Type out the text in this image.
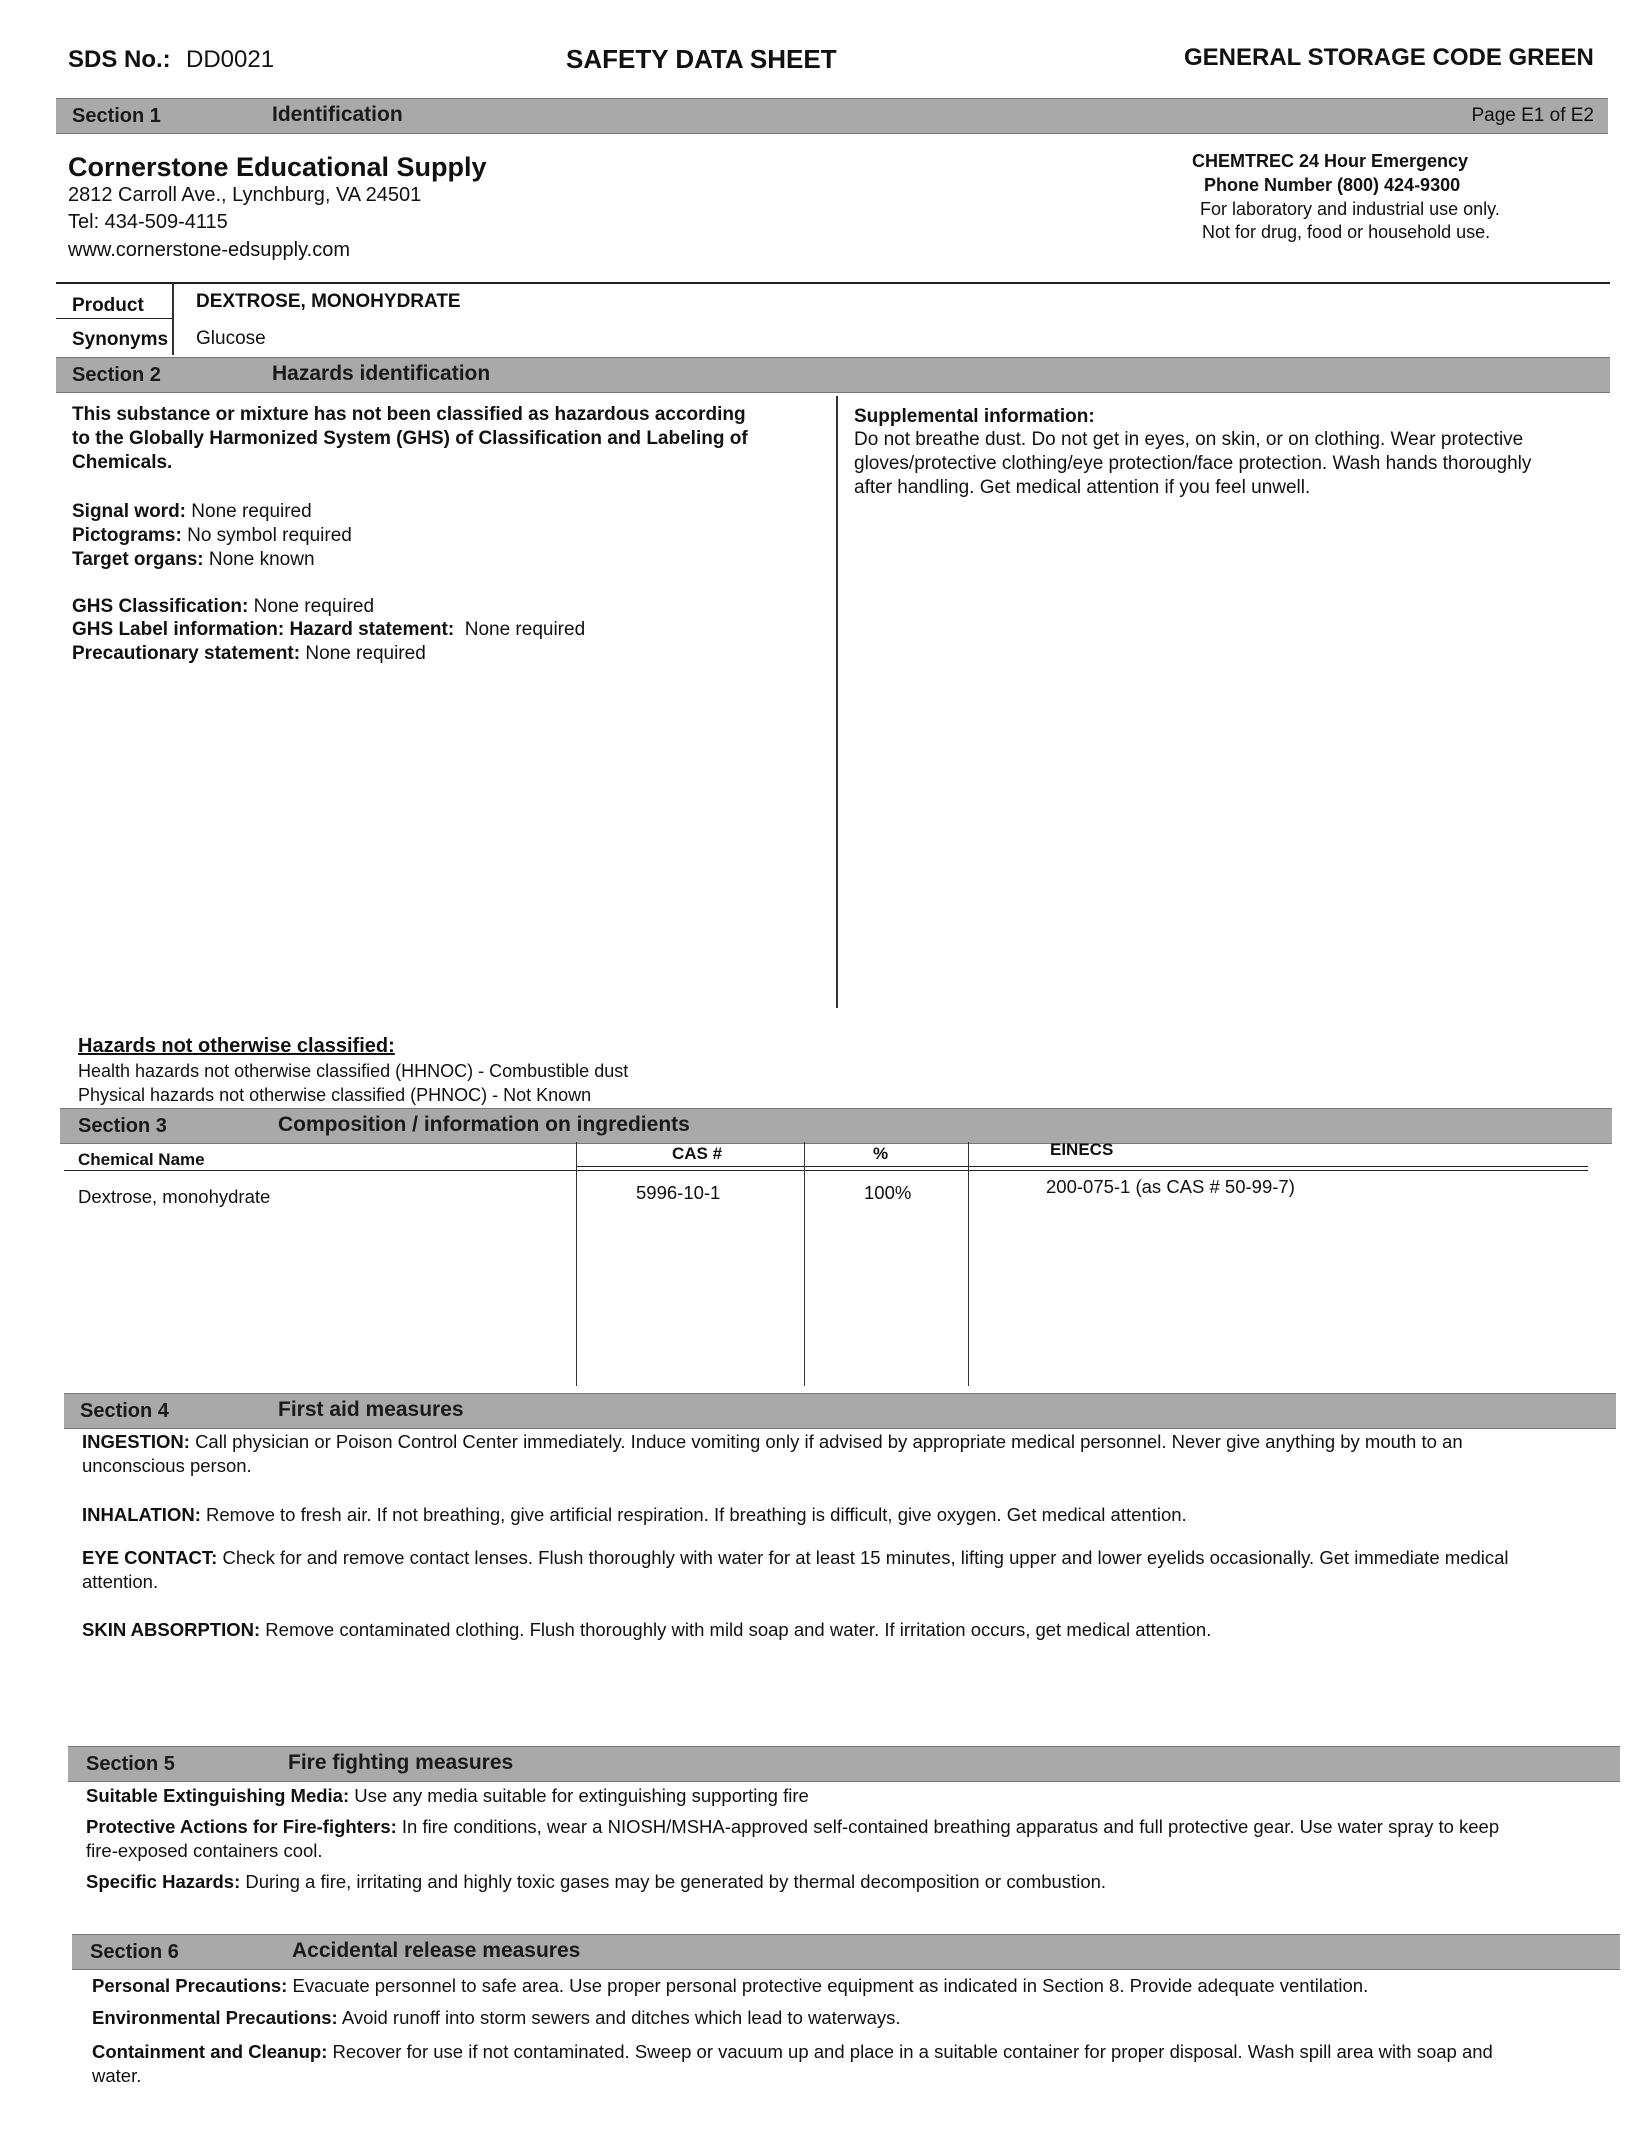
SDS No.: DD0021	SAFETY DATA SHEET	GENERAL STORAGE CODE GREEN
Section 1	Identification	Page E1 of E2
Cornerstone Educational Supply
2812 Carroll Ave., Lynchburg, VA 24501
Tel: 434-509-4115
www.cornerstone-edsupply.com
CHEMTREC 24 Hour Emergency
Phone Number (800) 424-9300
For laboratory and industrial use only.
Not for drug, food or household use.
Product	DEXTROSE, MONOHYDRATE
Synonyms Glucose
Section 2	Hazards identification
This substance or mixture has not been classified as hazardous according
to the Globally Harmonized System (GHS) of Classification and Labeling of
Chemicals.
Signal word: None required
Pictograms: No symbol required
Target organs: None known
GHS Classification: None required
GHS Label information: Hazard statement: None required
Precautionary statement: None required
Supplemental information:
Do not breathe dust. Do not get in eyes, on skin, or on clothing. Wear protective
gloves/protective clothing/eye protection/face protection. Wash hands thoroughly
after handling. Get medical attention if you feel unwell.
Hazards not otherwise classified:
Health hazards not otherwise classified (HHNOC) - Combustible dust
Physical hazards not otherwise classified (PHNOC) - Not Known
Section 3	Composition / information on ingredients
Chemical Name	CAS #	%	EINECS
Dextrose, monohydrate	5996-10-1	100%	200-075-1 (as CAS # 50-99-7)
Section 4	First aid measures
INGESTION: Call physician or Poison Control Center immediately. Induce vomiting only if advised by appropriate medical personnel. Never give anything by mouth to an
unconscious person.
INHALATION: Remove to fresh air. If not breathing, give artificial respiration. If breathing is difficult, give oxygen. Get medical attention.
EYE CONTACT: Check for and remove contact lenses. Flush thoroughly with water for at least 15 minutes, lifting upper and lower eyelids occasionally. Get immediate medical
attention.
SKIN ABSORPTION: Remove contaminated clothing. Flush thoroughly with mild soap and water. If irritation occurs, get medical attention.
Section 5	Fire fighting measures
Suitable Extinguishing Media: Use any media suitable for extinguishing supporting fire
Protective Actions for Fire-fighters: In fire conditions, wear a NIOSH/MSHA-approved self-contained breathing apparatus and full protective gear. Use water spray to keep
fire-exposed containers cool.
Specific Hazards: During a fire, irritating and highly toxic gases may be generated by thermal decomposition or combustion.
Section 6	Accidental release measures
Personal Precautions: Evacuate personnel to safe area. Use proper personal protective equipment as indicated in Section 8. Provide adequate ventilation.
Environmental Precautions: Avoid runoff into storm sewers and ditches which lead to waterways.
Containment and Cleanup: Recover for use if not contaminated. Sweep or vacuum up and place in a suitable container for proper disposal. Wash spill area with soap and
water.
